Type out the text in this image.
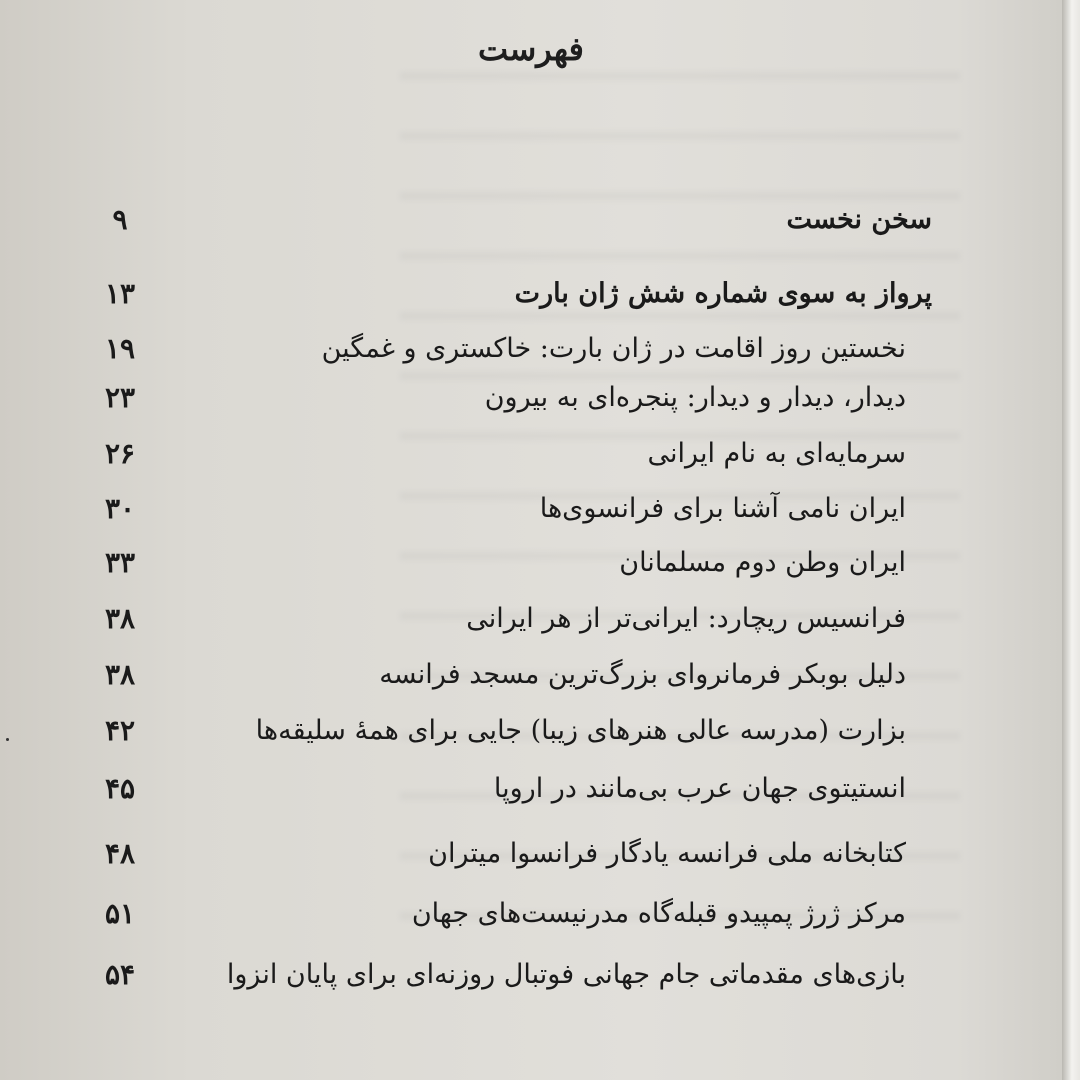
فهرست
سخن نخست
۹
پرواز به سوی شماره شش ژان بارت
۱۳
نخستین روز اقامت در ژان بارت: خاکستری و غمگین
۱۹
دیدار، دیدار و دیدار: پنجره‌ای به بیرون
۲۳
سرمایه‌ای به نام ایرانی
۲۶
ایران نامی آشنا برای فرانسوی‌ها
۳۰
ایران وطن دوم مسلمانان
۳۳
فرانسیس ریچارد: ایرانی‌تر از هر ایرانی
۳۸
دلیل بوبکر فرمانروای بزرگ‌ترین مسجد فرانسه
۳۸
بزارت (مدرسه عالی هنرهای زیبا) جایی برای همهٔ سلیقه‌ها
۴۲
انستیتوی جهان عرب بی‌مانند در اروپا
۴۵
کتابخانه ملی فرانسه یادگار فرانسوا میتران
۴۸
مرکز ژرژ پمپیدو قبله‌گاه مدرنیست‌های جهان
۵۱
بازی‌های مقدماتی جام جهانی فوتبال روزنه‌ای برای پایان انزوا
۵۴
